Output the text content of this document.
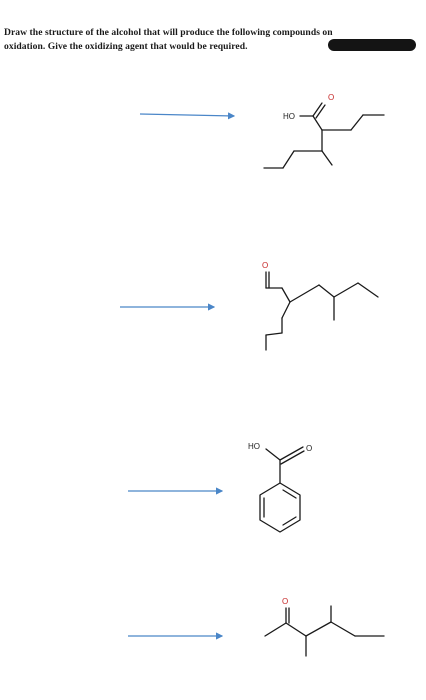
Draw the structure of the alcohol that will produce the following compounds on
oxidation. Give the oxidizing agent that would be required.
HO
O
O
HO	O
O
